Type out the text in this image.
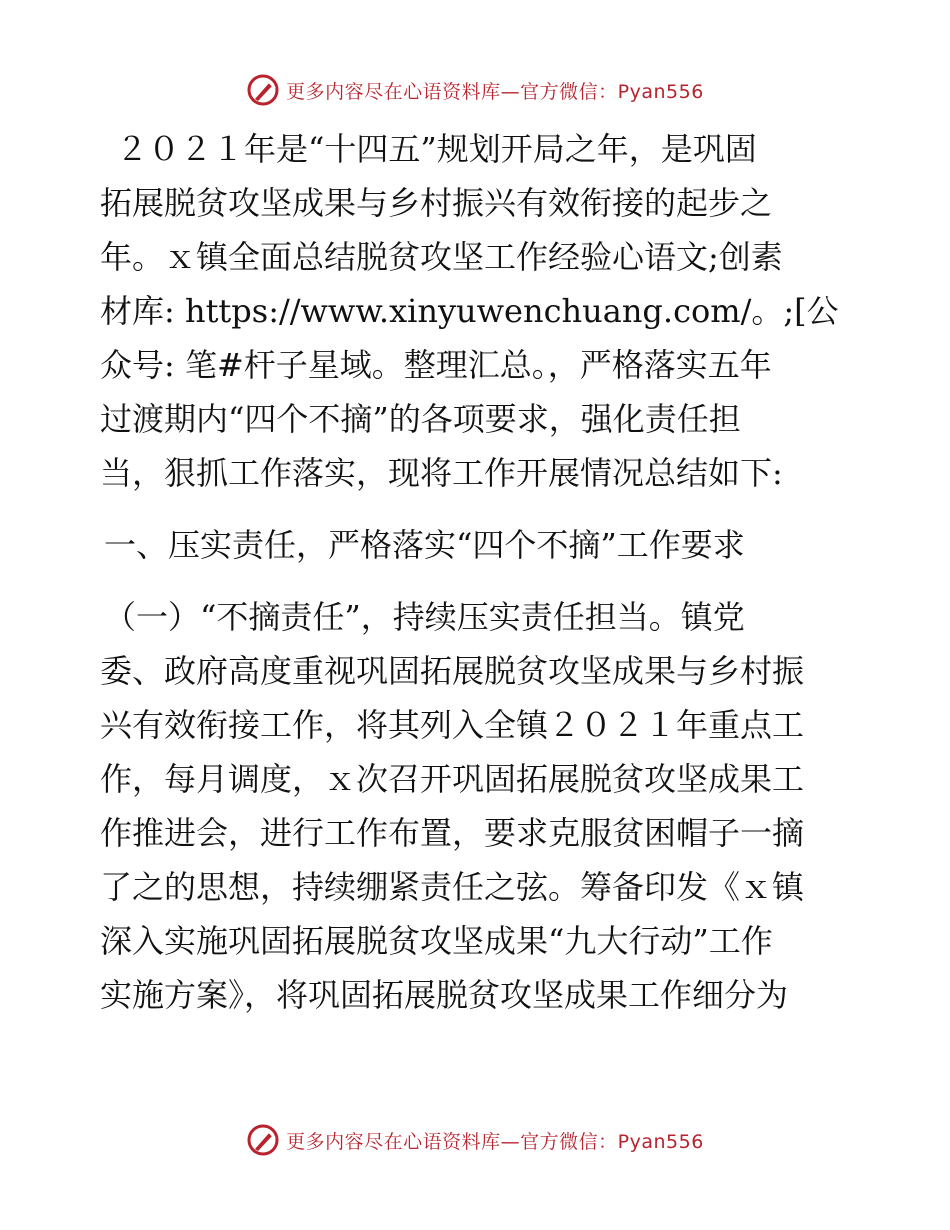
更多内容尽在心语资料库—官方微信：Pyan556
２０２１年是“十四五”规划开局之年，是巩固
拓展脱贫攻坚成果与乡村振兴有效衔接的起步之
年。ｘ镇全面总结脱贫攻坚工作经验心语文;创素
材库: https://www.xinyuwenchuang.com/。;[公
众号: 笔#杆子星域。整理汇总。，严格落实五年
过渡期内“四个不摘”的各项要求，强化责任担
当，狠抓工作落实，现将工作开展情况总结如下:
一、压实责任，严格落实“四个不摘”工作要求
（一）“不摘责任”，持续压实责任担当。镇党
委、政府高度重视巩固拓展脱贫攻坚成果与乡村振
兴有效衔接工作，将其列入全镇２０２１年重点工
作，每月调度，ｘ次召开巩固拓展脱贫攻坚成果工
作推进会，进行工作布置，要求克服贫困帽子一摘
了之的思想，持续绷紧责任之弦。筹备印发《ｘ镇
深入实施巩固拓展脱贫攻坚成果“九大行动”工作
实施方案》，将巩固拓展脱贫攻坚成果工作细分为
更多内容尽在心语资料库—官方微信：Pyan556
